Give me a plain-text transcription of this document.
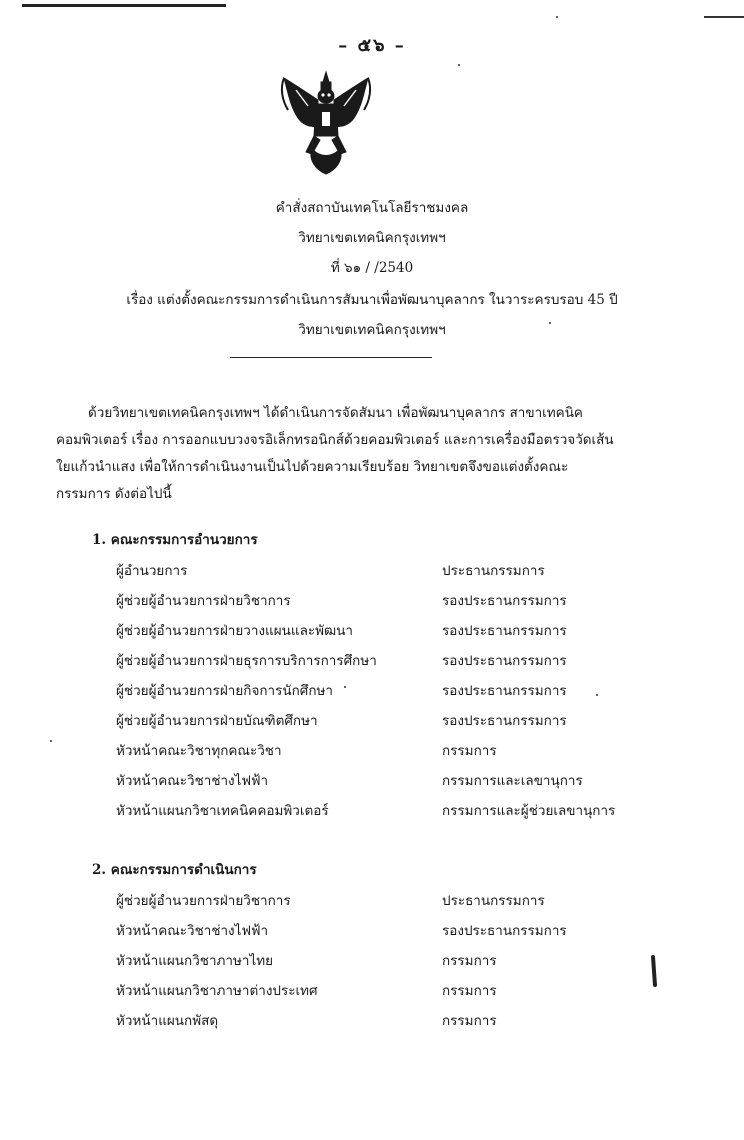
– ๕๖ –
คำสั่งสถาบันเทคโนโลยีราชมงคล
วิทยาเขตเทคนิคกรุงเทพฯ
ที่ ๖๑ / /2540
เรื่อง แต่งตั้งคณะกรรมการดำเนินการสัมนาเพื่อพัฒนาบุคลากร ในวาระครบรอบ 45 ปี
วิทยาเขตเทคนิคกรุงเทพฯ
ด้วยวิทยาเขตเทคนิคกรุงเทพฯ ได้ดำเนินการจัดสัมนา เพื่อพัฒนาบุคลากร สาขาเทคนิค
คอมพิวเตอร์ เรื่อง การออกแบบวงจรอิเล็กทรอนิกส์ด้วยคอมพิวเตอร์ และการเครื่องมือตรวจวัดเส้น
ใยแก้วนำแสง เพื่อให้การดำเนินงานเป็นไปด้วยความเรียบร้อย วิทยาเขตจึงขอแต่งตั้งคณะ
กรรมการ ดังต่อไปนี้
1. คณะกรรมการอำนวยการ
ผู้อำนวยการ	ประธานกรรมการ
ผู้ช่วยผู้อำนวยการฝ่ายวิชาการ	รองประธานกรรมการ
ผู้ช่วยผู้อำนวยการฝ่ายวางแผนและพัฒนา	รองประธานกรรมการ
ผู้ช่วยผู้อำนวยการฝ่ายธุรการบริการการศึกษา	รองประธานกรรมการ
ผู้ช่วยผู้อำนวยการฝ่ายกิจการนักศึกษา	รองประธานกรรมการ
ผู้ช่วยผู้อำนวยการฝ่ายบัณฑิตศึกษา	รองประธานกรรมการ
หัวหน้าคณะวิชาทุกคณะวิชา	กรรมการ
หัวหน้าคณะวิชาช่างไฟฟ้า	กรรมการและเลขานุการ
หัวหน้าแผนกวิชาเทคนิคคอมพิวเตอร์	กรรมการและผู้ช่วยเลขานุการ
2. คณะกรรมการดำเนินการ
ผู้ช่วยผู้อำนวยการฝ่ายวิชาการ	ประธานกรรมการ
หัวหน้าคณะวิชาช่างไฟฟ้า	รองประธานกรรมการ
หัวหน้าแผนกวิชาภาษาไทย	กรรมการ
หัวหน้าแผนกวิชาภาษาต่างประเทศ	กรรมการ
หัวหน้าแผนกพัสดุ	กรรมการ
